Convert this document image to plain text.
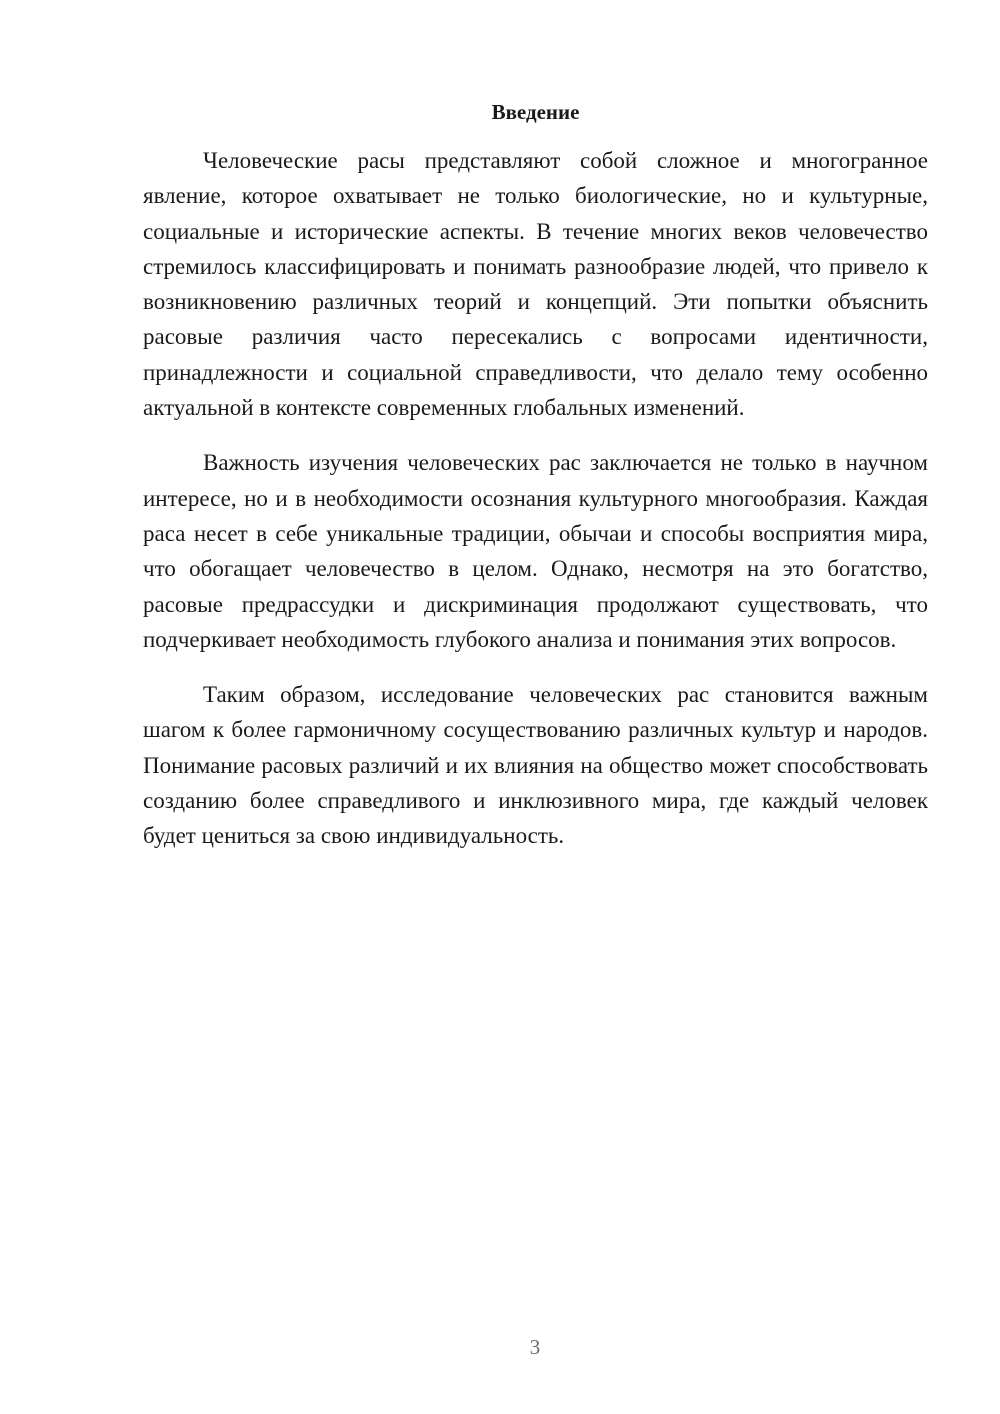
Введение

Человеческие расы представляют собой сложное и многогранное явление, которое охватывает не только биологические, но и культурные, социальные и исторические аспекты. В течение многих веков человечество стремилось классифицировать и понимать разнообразие людей, что привело к возникновению различных теорий и концепций. Эти попытки объяснить расовые различия часто пересекались с вопросами идентичности, принадлежности и социальной справедливости, что делало тему особенно актуальной в контексте современных глобальных изменений.

Важность изучения человеческих рас заключается не только в научном интересе, но и в необходимости осознания культурного многообразия. Каждая раса несет в себе уникальные традиции, обычаи и способы восприятия мира, что обогащает человечество в целом. Однако, несмотря на это богатство, расовые предрассудки и дискриминация продолжают существовать, что подчеркивает необходимость глубокого анализа и понимания этих вопросов.

Таким образом, исследование человеческих рас становится важным шагом к более гармоничному сосуществованию различных культур и народов. Понимание расовых различий и их влияния на общество может способствовать созданию более справедливого и инклюзивного мира, где каждый человек будет цениться за свою индивидуальность.

3
